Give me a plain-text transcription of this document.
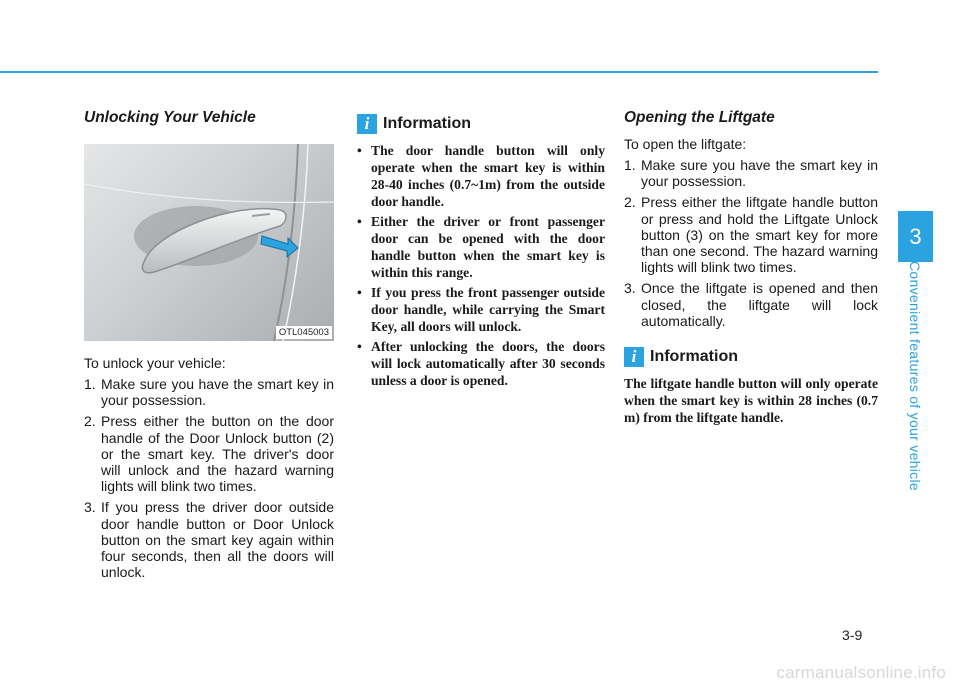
Unlocking Your Vehicle
OTL045003

To unlock your vehicle:

1. Make sure you have the smart key in your possession.
2. Press either the button on the door handle of the Door Unlock button (2) or the smart key. The driver's door will unlock and the hazard warning lights will blink two times.
3. If you press the driver door outside door handle button or Door Unlock button on the smart key again within four seconds, then all the doors will unlock.
i Information
• The door handle button will only operate when the smart key is within 28-40 inches (0.7~1m) from the outside door handle.
• Either the driver or front passenger door can be opened with the door handle button when the smart key is within this range.
• If you press the front passenger outside door handle, while carrying the Smart Key, all doors will unlock.
• After unlocking the doors, the doors will lock automatically after 30 seconds unless a door is opened.
Opening the Liftgate

To open the liftgate:

1. Make sure you have the smart key in your possession.
2. Press either the liftgate handle button or press and hold the Liftgate Unlock button (3) on the smart key for more than one second. The hazard warning lights will blink two times.
3. Once the liftgate is opened and then closed, the liftgate will lock automatically.
i Information

The liftgate handle button will only operate when the smart key is within 28 inches (0.7 m) from the liftgate handle.

3
Convenient features of your vehicle
3-9
carmanualsonline.info
